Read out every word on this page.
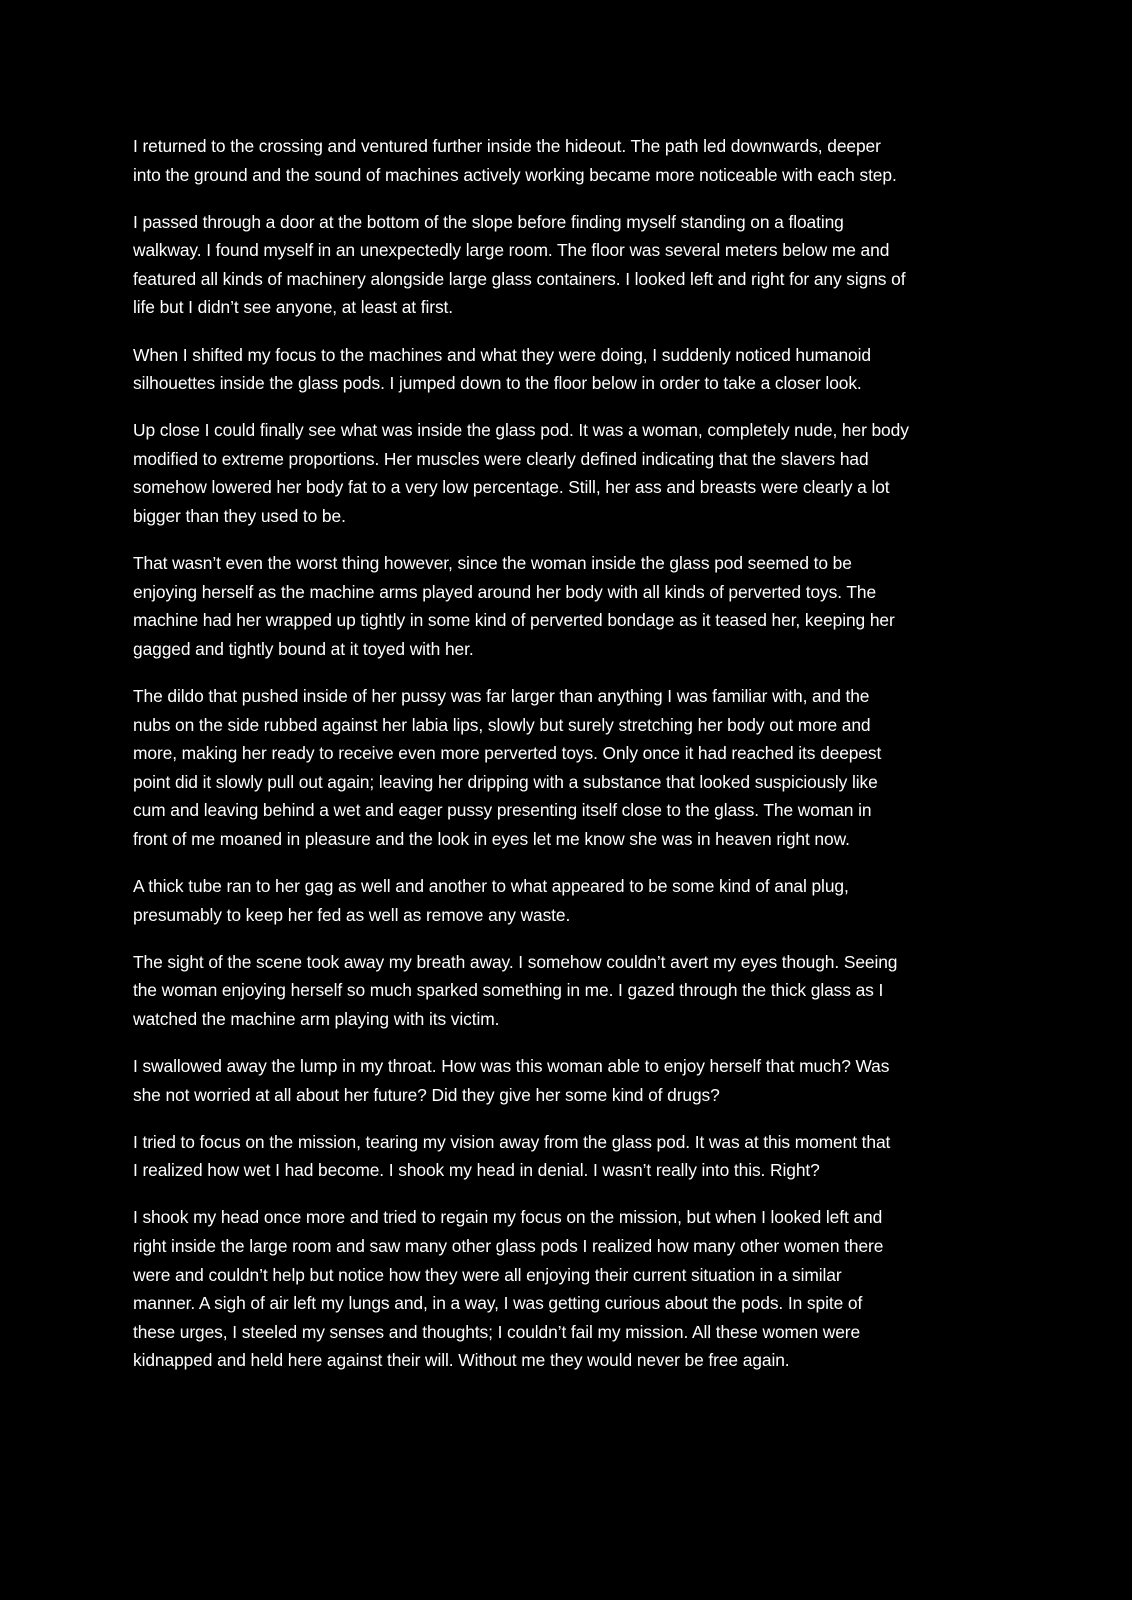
I returned to the crossing and ventured further inside the hideout. The path led downwards, deeper
into the ground and the sound of machines actively working became more noticeable with each step.

I passed through a door at the bottom of the slope before finding myself standing on a floating
walkway. I found myself in an unexpectedly large room. The floor was several meters below me and
featured all kinds of machinery alongside large glass containers. I looked left and right for any signs of
life but I didn’t see anyone, at least at first.

When I shifted my focus to the machines and what they were doing, I suddenly noticed humanoid
silhouettes inside the glass pods. I jumped down to the floor below in order to take a closer look.

Up close I could finally see what was inside the glass pod. It was a woman, completely nude, her body
modified to extreme proportions. Her muscles were clearly defined indicating that the slavers had
somehow lowered her body fat to a very low percentage. Still, her ass and breasts were clearly a lot
bigger than they used to be.

That wasn’t even the worst thing however, since the woman inside the glass pod seemed to be
enjoying herself as the machine arms played around her body with all kinds of perverted toys. The
machine had her wrapped up tightly in some kind of perverted bondage as it teased her, keeping her
gagged and tightly bound at it toyed with her.

The dildo that pushed inside of her pussy was far larger than anything I was familiar with, and the
nubs on the side rubbed against her labia lips, slowly but surely stretching her body out more and
more, making her ready to receive even more perverted toys. Only once it had reached its deepest
point did it slowly pull out again; leaving her dripping with a substance that looked suspiciously like
cum and leaving behind a wet and eager pussy presenting itself close to the glass. The woman in
front of me moaned in pleasure and the look in eyes let me know she was in heaven right now.

A thick tube ran to her gag as well and another to what appeared to be some kind of anal plug,
presumably to keep her fed as well as remove any waste.

The sight of the scene took away my breath away. I somehow couldn’t avert my eyes though. Seeing
the woman enjoying herself so much sparked something in me. I gazed through the thick glass as I
watched the machine arm playing with its victim.

I swallowed away the lump in my throat. How was this woman able to enjoy herself that much? Was
she not worried at all about her future? Did they give her some kind of drugs?

I tried to focus on the mission, tearing my vision away from the glass pod. It was at this moment that
I realized how wet I had become. I shook my head in denial. I wasn’t really into this. Right?

I shook my head once more and tried to regain my focus on the mission, but when I looked left and
right inside the large room and saw many other glass pods I realized how many other women there
were and couldn’t help but notice how they were all enjoying their current situation in a similar
manner. A sigh of air left my lungs and, in a way, I was getting curious about the pods. In spite of
these urges, I steeled my senses and thoughts; I couldn’t fail my mission. All these women were
kidnapped and held here against their will. Without me they would never be free again.
